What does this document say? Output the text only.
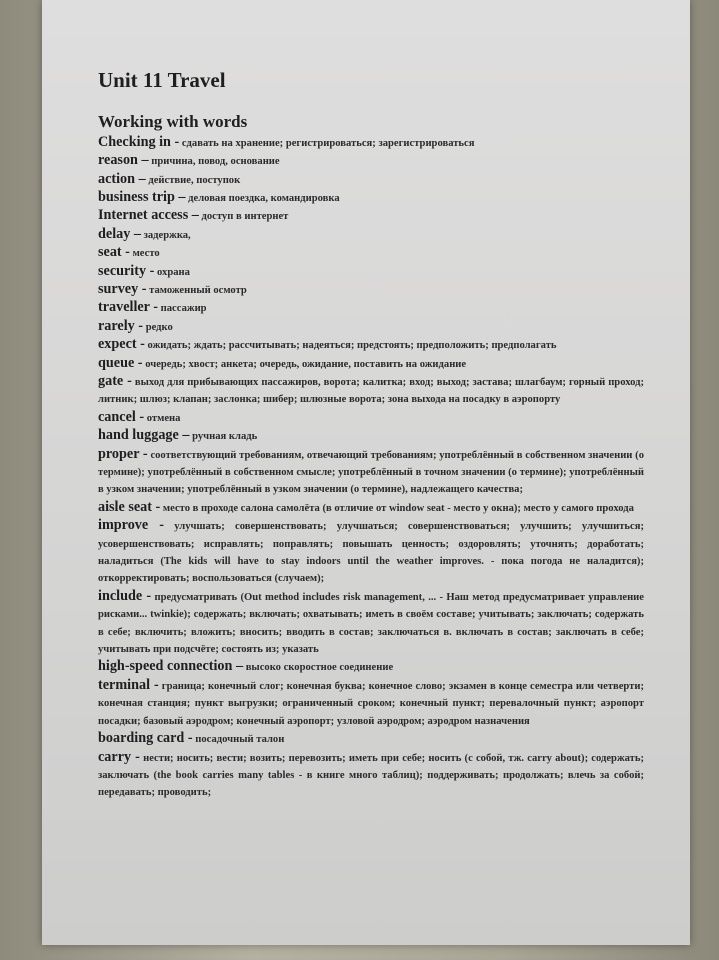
Unit 11 Travel
Working with words

Checking in - сдавать на хранение; регистрироваться; зарегистрироваться

reason – причина, повод, основание

action – действие, поступок

business trip – деловая поездка, командировка

Internet access – доступ в интернет

delay – задержка,

seat - место

security - охрана

survey - таможенный осмотр

traveller - пассажир

rarely - редко

expect - ожидать; ждать; рассчитывать; надеяться; предстоять; предположить; предполагать

queue - очередь; хвост; анкета; очередь, ожидание, поставить на ожидание

gate - выход для прибывающих пассажиров, ворота; калитка; вход; выход; застава; шлагбаум; горный проход; литник; шлюз; клапан; заслонка; шибер; шлюзные ворота; зона выхода на посадку в аэропорту

cancel - отмена

hand luggage – ручная кладь

proper - соответствующий требованиям, отвечающий требованиям; употреблённый в собственном значении (о термине); употреблённый в собственном смысле; употреблённый в точном значении (о термине); употреблённый в узком значении; употреблённый в узком значении (о термине), надлежащего качества;

aisle seat - место в проходе салона самолёта (в отличие от window seat - место у окна); место у самого прохода

improve - улучшать; совершенствовать; улучшаться; совершенствоваться; улучшить; улучшиться; усовершенствовать; исправлять; поправлять; повышать ценность; оздоровлять; уточнять; доработать; наладиться (The kids will have to stay indoors until the weather improves. - пока погода не наладится); откорректировать; воспользоваться (случаем);

include - предусматривать (Out method includes risk management, ... - Наш метод предусматривает управление рисками... twinkie); содержать; включать; охватывать; иметь в своём составе; учитывать; заключать; содержать в себе; включить; вложить; вносить; вводить в состав; заключаться в. включать в состав; заключать в себе; учитывать при подсчёте; состоять из; указать

high-speed connection – высоко скоростное соединение

terminal - граница; конечный слог; конечная буква; конечное слово; экзамен в конце семестра или четверти; конечная станция; пункт выгрузки; ограниченный сроком; конечный пункт; перевалочный пункт; аэропорт посадки; базовый аэродром; конечный аэропорт; узловой аэродром; аэродром назначения

boarding card - посадочный талон

carry - нести; носить; вести; возить; перевозить; иметь при себе; носить (с собой, тж. carry about); содержать; заключать (the book carries many tables - в книге много таблиц); поддерживать; продолжать; влечь за собой; передавать; проводить;
